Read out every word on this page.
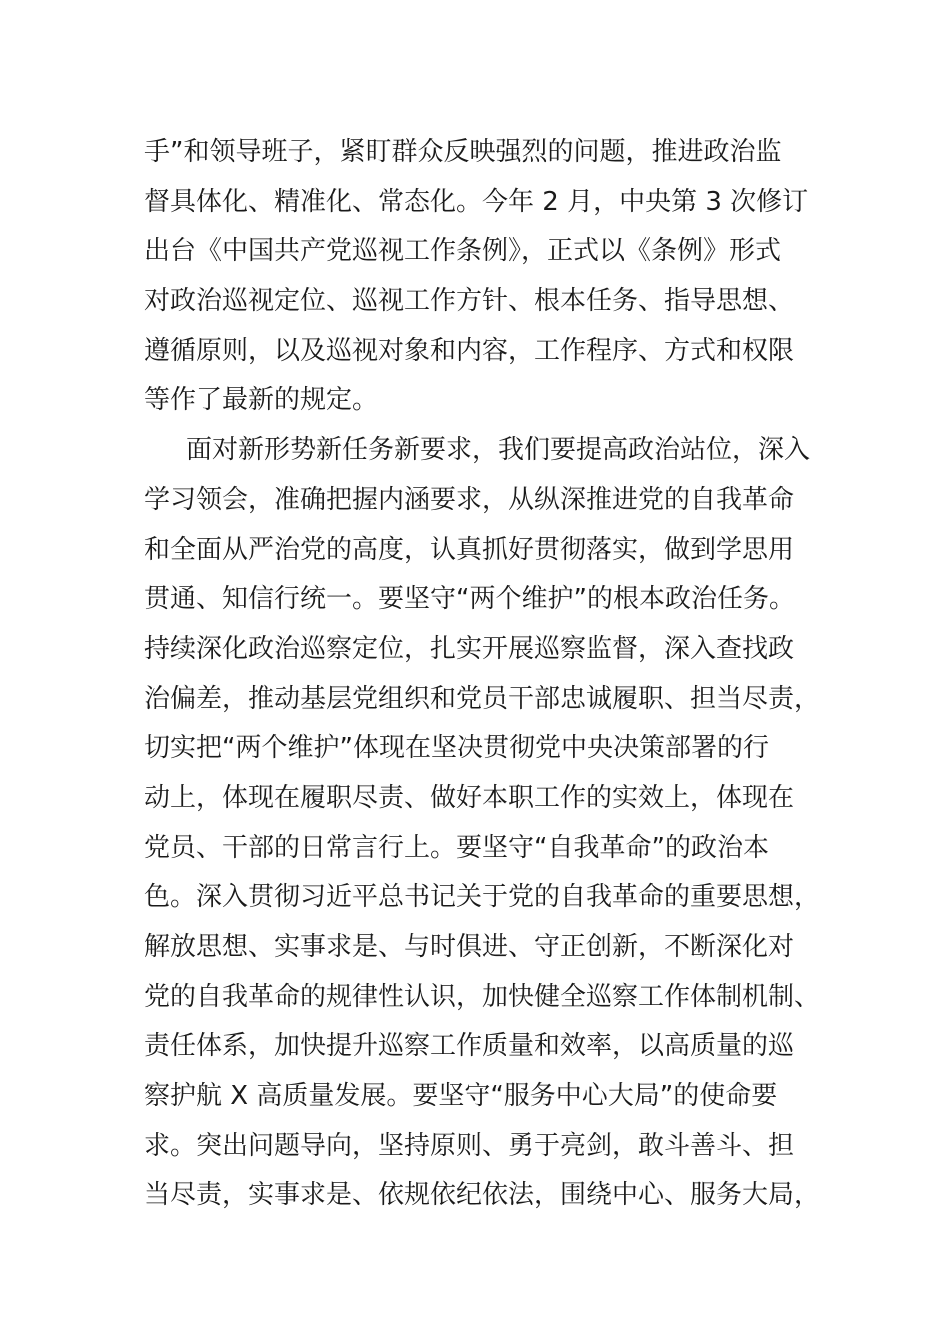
手”和领导班子，紧盯群众反映强烈的问题，推进政治监
督具体化、精准化、常态化。今年 2 月，中央第 3 次修订
出台《中国共产党巡视工作条例》，正式以《条例》形式
对政治巡视定位、巡视工作方针、根本任务、指导思想、
遵循原则，以及巡视对象和内容，工作程序、方式和权限
等作了最新的规定。
面对新形势新任务新要求，我们要提高政治站位，深入
学习领会，准确把握内涵要求，从纵深推进党的自我革命
和全面从严治党的高度，认真抓好贯彻落实，做到学思用
贯通、知信行统一。要坚守“两个维护”的根本政治任务。
持续深化政治巡察定位，扎实开展巡察监督，深入查找政
治偏差，推动基层党组织和党员干部忠诚履职、担当尽责，
切实把“两个维护”体现在坚决贯彻党中央决策部署的行
动上，体现在履职尽责、做好本职工作的实效上，体现在
党员、干部的日常言行上。要坚守“自我革命”的政治本
色。深入贯彻习近平总书记关于党的自我革命的重要思想，
解放思想、实事求是、与时俱进、守正创新，不断深化对
党的自我革命的规律性认识，加快健全巡察工作体制机制、
责任体系，加快提升巡察工作质量和效率，以高质量的巡
察护航 X 高质量发展。要坚守“服务中心大局”的使命要
求。突出问题导向，坚持原则、勇于亮剑，敢斗善斗、担
当尽责，实事求是、依规依纪依法，围绕中心、服务大局，
